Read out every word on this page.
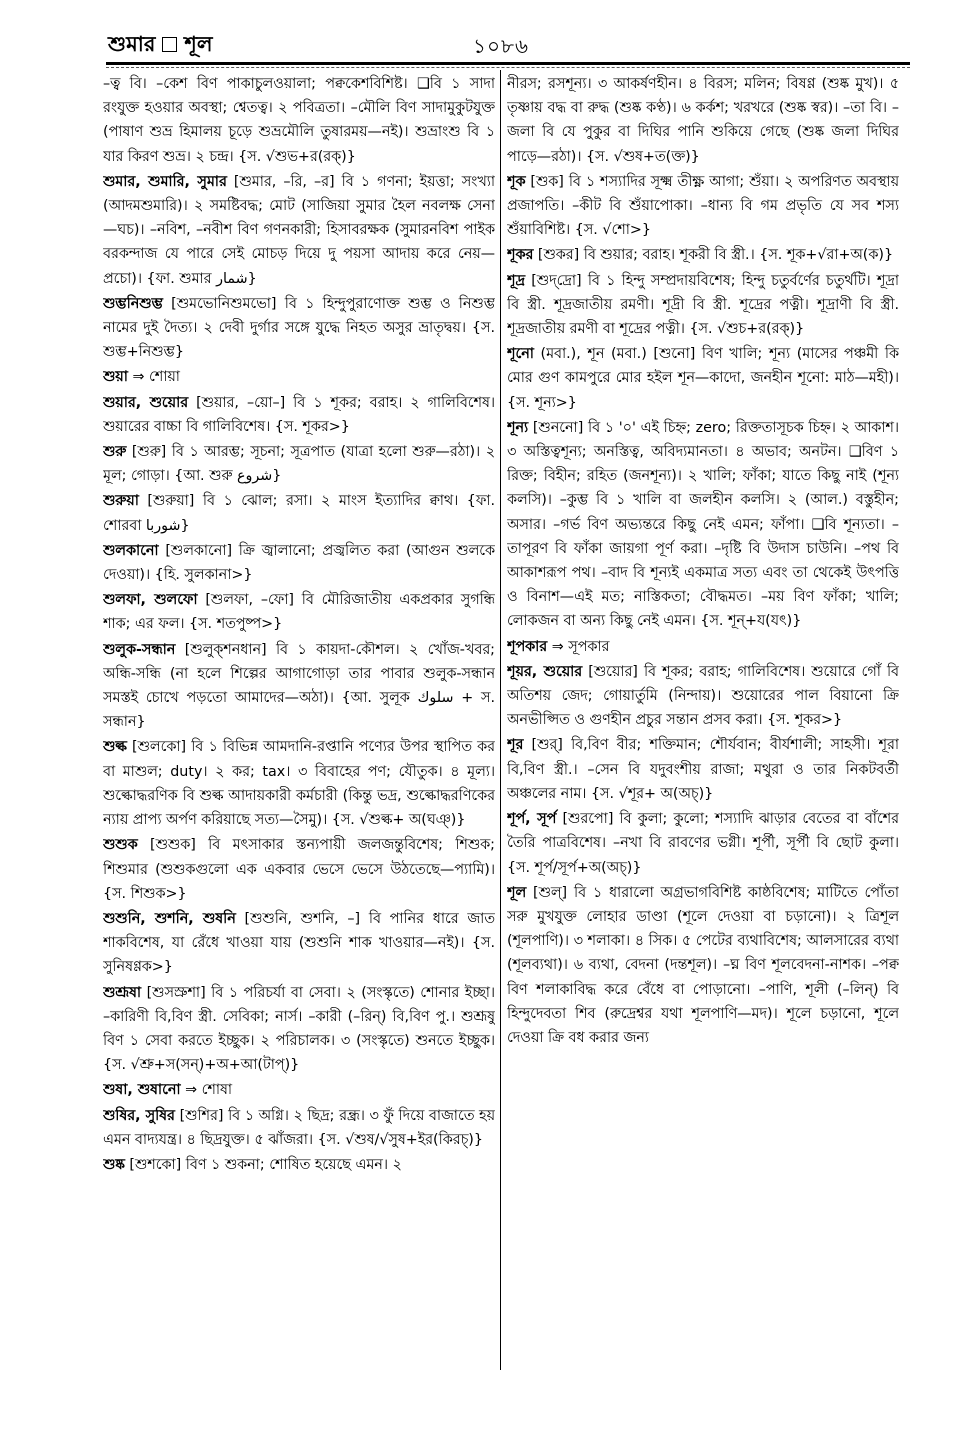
শুমার শূল	১০৮৬
–ত্ব বি। –কেশ বিণ পাকাচুলওয়ালা; পক্বকেশবিশিষ্ট। ❑বি ১ সাদা রংযুক্ত হওয়ার অবস্থা; শ্বেতত্ব। ২ পবিত্রতা। –মৌলি বিণ সাদামুকুটযুক্ত (পাষাণ শুভ্র হিমালয় চূড়ে শুভ্রমৌলি তুষারময়—নই)। শুভ্রাংশু বি ১ যার কিরণ শুভ্র। ২ চন্দ্র। {স. √শুভ+র(রক্)}
শুমার, শুমারি, সুমার [শুমার, –রি, –র] বি ১ গণনা; ইয়ত্তা; সংখ্যা (আদমশুমারি)। ২ সমষ্টিবদ্ধ; মোট (সাজিয়া সুমার হৈল নবলক্ষ সেনা—ঘচ)। –নবিশ, –নবীশ বিণ গণনকারী; হিসাবরক্ষক (সুমারনবিশ পাইক বরকন্দাজ যে পারে সেই মোচড় দিয়ে দু পয়সা আদায় করে নেয়—প্রচো)। {ফা. শুমার شمار}
শুম্ভনিশুম্ভ [শুমভোনিশুমভো] বি ১ হিন্দুপুরাণোক্ত শুম্ভ ও নিশুম্ভ নামের দুই দৈত্য। ২ দেবী দুর্গার সঙ্গে যুদ্ধে নিহত অসুর ভ্রাতৃদ্বয়। {স. শুম্ভ+নিশুম্ভ}
শুয়া ⇒ শোয়া
শুয়ার, শুয়োর [শুয়ার, –য়ো–] বি ১ শূকর; বরাহ। ২ গালিবিশেষ। শুয়ারের বাচ্চা বি গালিবিশেষ। {স. শূকর>}
শুরু [শুরু] বি ১ আরম্ভ; সূচনা; সূত্রপাত (যাত্রা হলো শুরু—রঠা)। ২ মূল; গোড়া। {আ. শুরু شروع}
শুরুয়া [শুরুয়া] বি ১ ঝোল; রসা। ২ মাংস ইত্যাদির ক্বাথ। {ফা. শোরবা شوربا}
শুলকানো [শুলকানো] ক্রি জ্বালানো; প্রজ্বলিত করা (আগুন শুলকে দেওয়া)। {হি. সুলকানা>}
শুলফা, শুলফো [শুলফা, –ফো] বি মৌরিজাতীয় একপ্রকার সুগন্ধি শাক; এর ফল। {স. শতপুষ্প>}
শুলুক-সন্ধান [শুলুক্‌শনধান] বি ১ কায়দা-কৌশল। ২ খোঁজ-খবর; অন্ধি-সন্ধি (না হলে শিল্পের আগাগোড়া তার পাবার শুলুক-সন্ধান সমস্তই চোখে পড়তো আমাদের—অঠা)। {আ. সুলূক سلوك + স. সন্ধান}
শুল্ক [শুলকো] বি ১ বিভিন্ন আমদানি-রপ্তানি পণ্যের উপর স্থাপিত কর বা মাশুল; duty। ২ কর; tax। ৩ বিবাহের পণ; যৌতুক। ৪ মূল্য। শুল্কোদ্ধরণিক বি শুল্ক আদায়কারী কর্মচারী (কিন্তু ভদ্র, শুল্কোদ্ধরণিকের ন্যায় প্রাপ্য অর্পণ করিয়াছে সত্য—সৈমু)। {স. √শুল্ক+ অ(ঘঞ্)}
শুশুক [শুশুক] বি মৎসাকার স্তন্যপায়ী জলজন্তুবিশেষ; শিশুক; শিশুমার (শুশুকগুলো এক একবার ভেসে ভেসে উঠতেছে—প্যামি)। {স. শিশুক>}
শুশুনি, শুশনি, শুষনি [শুশুনি, শুশনি, –] বি পানির ধারে জাত শাকবিশেষ, যা রেঁধে খাওয়া যায় (শুশুনি শাক খাওয়ার—নই)। {স. সুনিষণ্ণক>}
শুশ্রূষা [শুসস্রুশা] বি ১ পরিচর্যা বা সেবা। ২ (সংস্কৃতে) শোনার ইচ্ছা। –কারিণী বি,বিণ স্ত্রী. সেবিকা; নার্স। –কারী (–রিন্) বি,বিণ পু.। শুশ্রূষু বিণ ১ সেবা করতে ইচ্ছুক। ২ পরিচালক। ৩ (সংস্কৃতে) শুনতে ইচ্ছুক। {স. √শ্রু+স(সন্)+অ+আ(টাপ্)}
শুষা, শুষানো ⇒ শোষা
শুষির, সুষির [শুশির] বি ১ অগ্নি। ২ ছিদ্র; রন্ধ্র। ৩ ফুঁ দিয়ে বাজাতে হয় এমন বাদ্যযন্ত্র। ৪ ছিদ্রযুক্ত। ৫ ঝাঁজরা। {স. √শুষ/√সুষ+ইর(কিরচ্)}
শুষ্ক [শুশকো] বিণ ১ শুকনা; শোষিত হয়েছে এমন। ২
নীরস; রসশূন্য। ৩ আকর্ষণহীন। ৪ বিরস; মলিন; বিষণ্ণ (শুষ্ক মুখ)। ৫ তৃষ্ণায় বদ্ধ বা রুদ্ধ (শুষ্ক কণ্ঠ)। ৬ কর্কশ; খরখরে (শুষ্ক স্বর)। –তা বি। –জলা বি যে পুকুর বা দিঘির পানি শুকিয়ে গেছে (শুষ্ক জলা দিঘির পাড়ে—রঠা)। {স. √শুষ+ত(ক্ত)}
শূক [শুক] বি ১ শস্যাদির সূক্ষ্ম তীক্ষ্ণ আগা; শুঁয়া। ২ অপরিণত অবস্থায় প্রজাপতি। –কীট বি শুঁয়াপোকা। –ধান্য বি গম প্রভৃতি যে সব শস্য শুঁয়াবিশিষ্ট। {স. √শো>}
শূকর [শুকর] বি শুয়ার; বরাহ। শূকরী বি স্ত্রী.। {স. শূক+√রা+অ(ক)}
শূদ্র [শুদ্‌দ্রো] বি ১ হিন্দু সম্প্রদায়বিশেষ; হিন্দু চতুর্বর্ণের চতুর্থটি। শূদ্রা বি স্ত্রী. শূদ্রজাতীয় রমণী। শূদ্রী বি স্ত্রী. শূদ্রের পত্নী। শূদ্রাণী বি স্ত্রী. শূদ্রজাতীয় রমণী বা শূদ্রের পত্নী। {স. √শুচ+র(রক্)}
শূনো (মবা.), শূন (মবা.) [শুনো] বিণ খালি; শূন্য (মাসের পঞ্চমী কি মোর গুণ কামপুরে মোর হইল শূন—কাদো, জনহীন শূনো: মাঠ—মহী)। {স. শূন্য>}
শূন্য [শুননো] বি ১ '০' এই চিহ্ন; zero; রিক্ততাসূচক চিহ্ন। ২ আকাশ। ৩ অস্তিত্বশূন্য; অনস্তিত্ব, অবিদ্যমানতা। ৪ অভাব; অনটন। ❑বিণ ১ রিক্ত; বিহীন; রহিত (জনশূন্য)। ২ খালি; ফাঁকা; যাতে কিছু নাই (শূন্য কলসি)। –কুম্ভ বি ১ খালি বা জলহীন কলসি। ২ (আল.) বস্তুহীন; অসার। –গর্ভ বিণ অভ্যন্তরে কিছু নেই এমন; ফাঁপা। ❑বি শূন্যতা। –তাপূরণ বি ফাঁকা জায়গা পূর্ণ করা। –দৃষ্টি বি উদাস চাউনি। –পথ বি আকাশরূপ পথ। –বাদ বি শূন্যই একমাত্র সত্য এবং তা থেকেই উৎপত্তি ও বিনাশ—এই মত; নাস্তিকতা; বৌদ্ধমত। –ময় বিণ ফাঁকা; খালি; লোকজন বা অন্য কিছু নেই এমন। {স. শূন্+য(যৎ)}
শূপকার ⇒ সূপকার
শূয়র, শুয়োর [শুয়োর] বি শূকর; বরাহ; গালিবিশেষ। শুয়োরে গোঁ বি অতিশয় জেদ; গোয়ার্তুমি (নিন্দায়)। শুয়োরের পাল বিয়ানো ক্রি অনভীপ্সিত ও গুণহীন প্রচুর সন্তান প্রসব করা। {স. শূকর>}
শূর [শুর্] বি,বিণ বীর; শক্তিমান; শৌর্যবান; বীর্যশালী; সাহসী। শূরা বি,বিণ স্ত্রী.। –সেন বি যদুবংশীয় রাজা; মথুরা ও তার নিকটবর্তী অঞ্চলের নাম। {স. √শূর+ অ(অচ্)}
শূর্প, সূর্প [শুরপো] বি কুলা; কুলো; শস্যাদি ঝাড়ার বেতের বা বাঁশের তৈরি পাত্রবিশেষ। –নখা বি রাবণের ভগ্নী। শূর্পী, সূর্পী বি ছোট কুলা। {স. শূর্প/সূর্প+অ(অচ্)}
শূল [শুল্] বি ১ ধারালো অগ্রভাগবিশিষ্ট কাষ্ঠবিশেষ; মাটিতে পোঁতা সরু মুখযুক্ত লোহার ডাণ্ডা (শূলে দেওয়া বা চড়ানো)। ২ ত্রিশূল (শূলপাণি)। ৩ শলাকা। ৪ সিক। ৫ পেটের ব্যথাবিশেষ; আলসারের ব্যথা (শূলব্যথা)। ৬ ব্যথা, বেদনা (দন্তশূল)। –ঘ্ন বিণ শূলবেদনা-নাশক। –পক্ব বিণ শলাকাবিদ্ধ করে বেঁধে বা পোড়ানো। –পাণি, শূলী (–লিন্) বি হিন্দুদেবতা শিব (রুদ্রেশ্বর যথা শূলপাণি—মদ)। শূলে চড়ানো, শূলে দেওয়া ক্রি বধ করার জন্য
